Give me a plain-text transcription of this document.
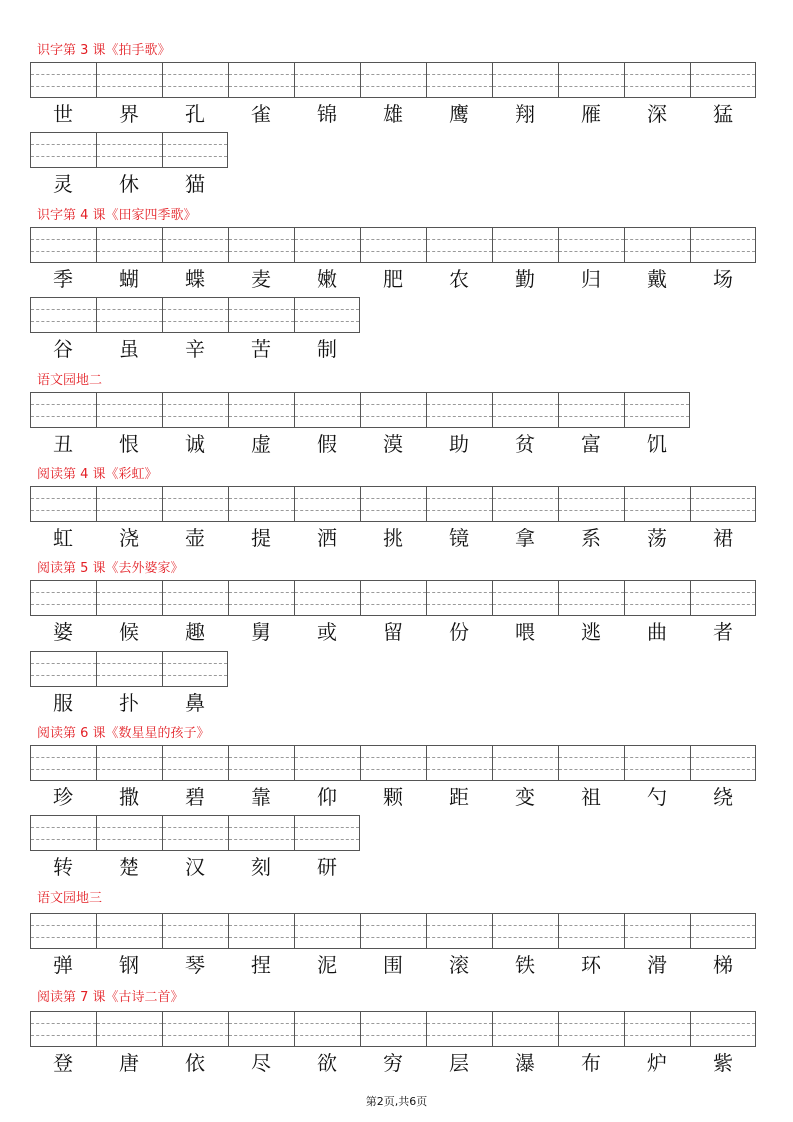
识字第 3 课《拍手歌》
世	界	孔	雀	锦	雄	鹰	翔	雁	深	猛
灵	休	猫
识字第 4 课《田家四季歌》
季	蝴	蝶	麦	嫩	肥	农	勤	归	戴	场
谷	虽	辛	苦	制
语文园地二
丑	恨	诚	虚	假	漠	助	贫	富	饥
阅读第 4 课《彩虹》
虹	浇	壶	提	洒	挑	镜	拿	系	荡	裙
阅读第 5 课《去外婆家》
婆	候	趣	舅	或	留	份	喂	逃	曲	者
服	扑	鼻
阅读第 6 课《数星星的孩子》
珍	撒	碧	靠	仰	颗	距	变	祖	勺	绕
转	楚	汉	刻	研
语文园地三
弹	钢	琴	捏	泥	围	滚	铁	环	滑	梯
阅读第 7 课《古诗二首》
登	唐	依	尽	欲	穷	层	瀑	布	炉	紫
第2页,共6页
